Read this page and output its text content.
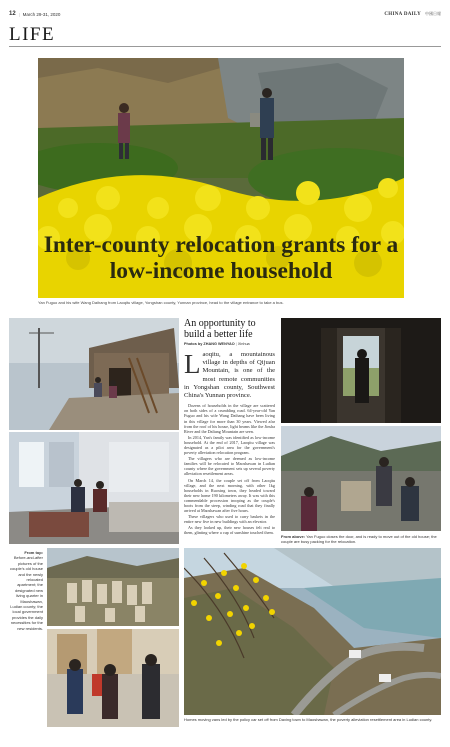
12 | March 29-31, 2020	CHINA DAILY 中國日報
LIFE
Inter-county relocation grants for a low-income household
Yan Fuguo and his wife Wang Daihang from Laoqitu village, Yongshan county, Yunnan province, head to the village entrance to take a bus.
An opportunity to build a better life
Photos by ZHANG WENYAO | Xinhua
L aoqitu, a mountainous village in depths of Qijuan Mountain, is one of the most remote communities in Yongshan county, Southwest China's Yunnan province.

Dozens of households in the village are scattered on both sides of a crumbling road. 64-year-old Yan Fuguo and his wife Wang Daihang have been living in this village for more than 30 years. Viewed afar from the roof of his house, light beams like the Jinsha River and the Daliang Mountain are seen.

In 2014, Yan's family was identified as low-income household. At the end of 2017, Laoqitu village was designated as a pilot area for the government's poverty alleviation relocation program.

The villagers who are deemed as low-income families will be relocated to Maoshawan in Ludian county where the government sets up several poverty alleviation resettlement areas.

On March 14, the couple set off from Laoqitu village, and the next morning, with other 1kg households in Ruoxing town, they headed toward their new home 190 kilometers away. It was with this commendable procession trooping as the couple's boots from the steep, winding road that they finally arrived at Maoshawan after five hours.

These villagers who used to carry baskets in the entire new five in new buildings with an elevator.

As they looked up, their new houses felt real to them, glinting where a cup of sunshine touched them.

From above: Yan Fuguo closes the door, and is ready to move out of the old house; the couple are busy packing for the relocation.
From top:
Before-and-after pictures of the couple's old house and the newly relocated apartment; the designated new living quarter in Maoshawan, Ludian county; the local government provides the daily necessities for the new residents.
Homes moving vans led by the policy car set off from Daxing town to Maoshawan, the poverty alleviation resettlement area in Ludian county.
